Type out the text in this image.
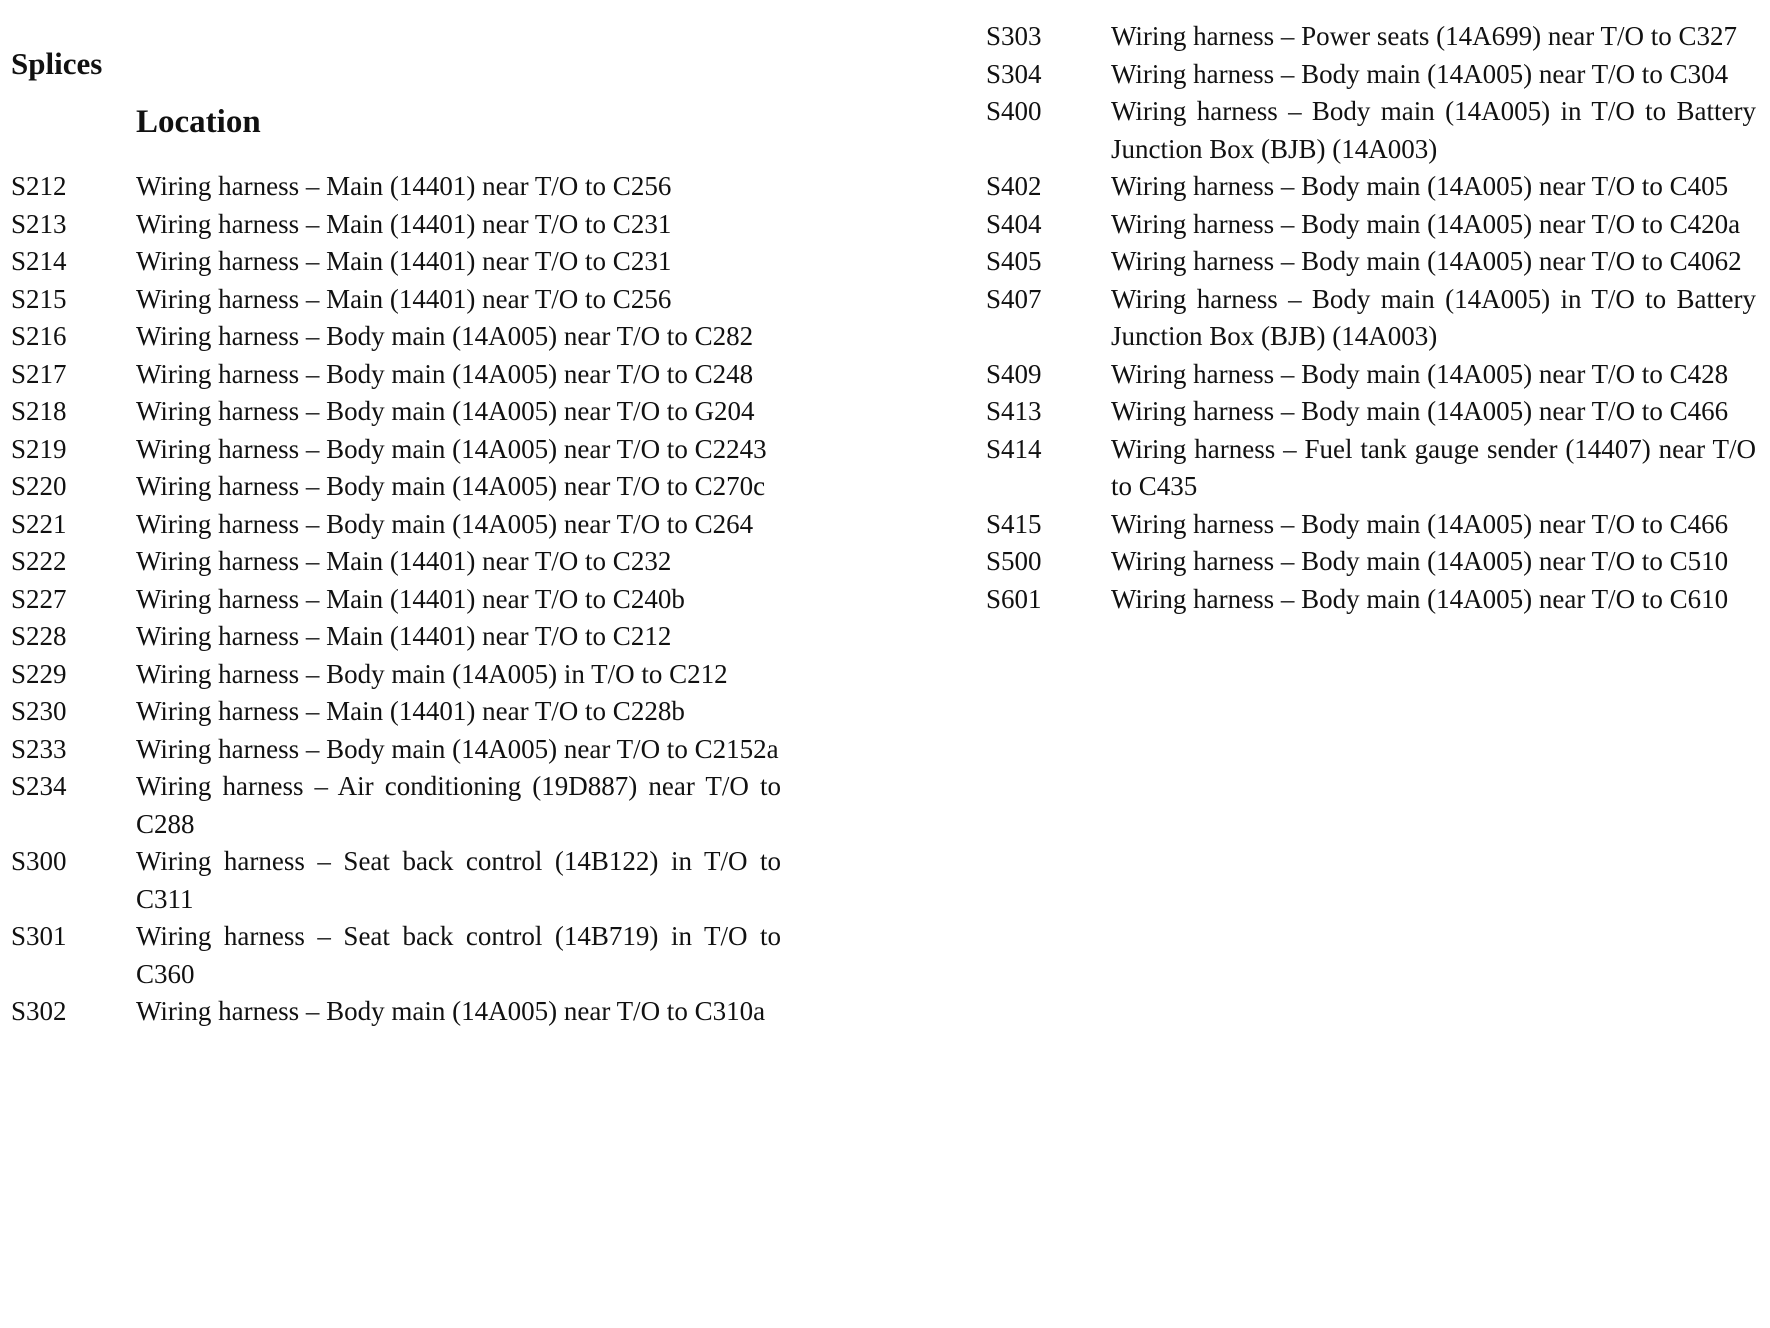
Splices
Location
S212	Wiring harness – Main (14401) near T/O to C256
S213	Wiring harness – Main (14401) near T/O to C231
S214	Wiring harness – Main (14401) near T/O to C231
S215	Wiring harness – Main (14401) near T/O to C256
S216	Wiring harness – Body main (14A005) near T/O to C282
S217	Wiring harness – Body main (14A005) near T/O to C248
S218	Wiring harness – Body main (14A005) near T/O to G204
S219	Wiring harness – Body main (14A005) near T/O to C2243
S220	Wiring harness – Body main (14A005) near T/O to C270c
S221	Wiring harness – Body main (14A005) near T/O to C264
S222	Wiring harness – Main (14401) near T/O to C232
S227	Wiring harness – Main (14401) near T/O to C240b
S228	Wiring harness – Main (14401) near T/O to C212
S229	Wiring harness – Body main (14A005) in T/O to C212
S230	Wiring harness – Main (14401) near T/O to C228b
S233	Wiring harness – Body main (14A005) near T/O to C2152a
S234	Wiring harness – Air conditioning (19D887) near T/O to C288
S300	Wiring harness – Seat back control (14B122) in T/O to C311
S301	Wiring harness – Seat back control (14B719) in T/O to C360
S302	Wiring harness – Body main (14A005) near T/O to C310a
S303	Wiring harness – Power seats (14A699) near T/O to C327
S304	Wiring harness – Body main (14A005) near T/O to C304
S400	Wiring harness – Body main (14A005) in T/O to Battery Junction Box (BJB) (14A003)
S402	Wiring harness – Body main (14A005) near T/O to C405
S404	Wiring harness – Body main (14A005) near T/O to C420a
S405	Wiring harness – Body main (14A005) near T/O to C4062
S407	Wiring harness – Body main (14A005) in T/O to Battery Junction Box (BJB) (14A003)
S409	Wiring harness – Body main (14A005) near T/O to C428
S413	Wiring harness – Body main (14A005) near T/O to C466
S414	Wiring harness – Fuel tank gauge sender (14407) near T/O to C435
S415	Wiring harness – Body main (14A005) near T/O to C466
S500	Wiring harness – Body main (14A005) near T/O to C510
S601	Wiring harness – Body main (14A005) near T/O to C610
